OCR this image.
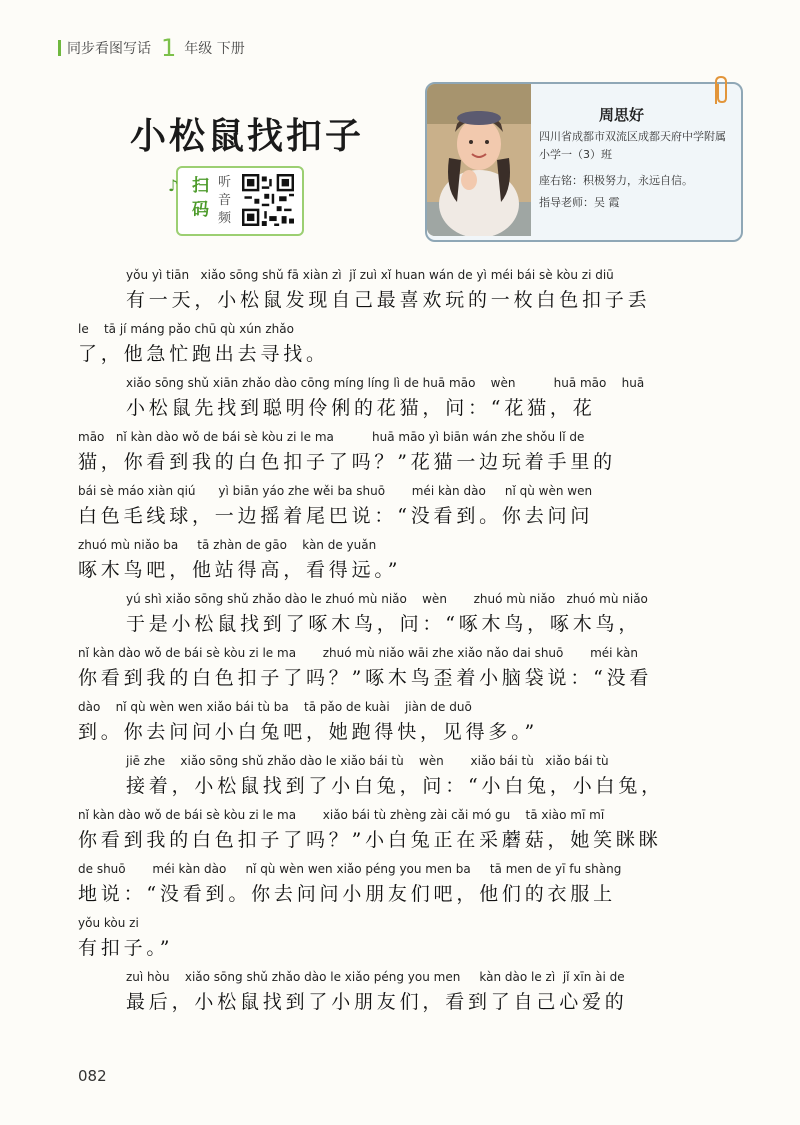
同步看图写话 1 年级 下册
小松鼠找扣子
♪ 扫码
听音频
周思好
四川省成都市双流区成都天府中学附属小学一（3）班
座右铭：积极努力，永远自信。
指导老师：吴 霞
yǒu yì tiān   xiǎo sōng shǔ fā xiàn zì  jǐ zuì xǐ huan wán de yì méi bái sè kòu zi diū
有一天，小松鼠发现自己最喜欢玩的一枚白色扣子丢
le    tā jí máng pǎo chū qù xún zhǎo
了，他急忙跑出去寻找。
xiǎo sōng shǔ xiān zhǎo dào cōng míng líng lì de huā māo    wèn          huā māo    huā
小松鼠先找到聪明伶俐的花猫，问：“花猫，花
māo   nǐ kàn dào wǒ de bái sè kòu zi le ma          huā māo yì biān wán zhe shǒu lǐ de
猫，你看到我的白色扣子了吗？”花猫一边玩着手里的
bái sè máo xiàn qiú      yì biān yáo zhe wěi ba shuō       méi kàn dào     nǐ qù wèn wen
白色毛线球，一边摇着尾巴说：“没看到。你去问问
zhuó mù niǎo ba     tā zhàn de gāo    kàn de yuǎn
啄木鸟吧，他站得高，看得远。”
yú shì xiǎo sōng shǔ zhǎo dào le zhuó mù niǎo    wèn       zhuó mù niǎo   zhuó mù niǎo
于是小松鼠找到了啄木鸟，问：“啄木鸟，啄木鸟，
nǐ kàn dào wǒ de bái sè kòu zi le ma       zhuó mù niǎo wāi zhe xiǎo nǎo dai shuō       méi kàn
你看到我的白色扣子了吗？”啄木鸟歪着小脑袋说：“没看
dào    nǐ qù wèn wen xiǎo bái tù ba    tā pǎo de kuài    jiàn de duō
到。你去问问小白兔吧，她跑得快，见得多。”
jiē zhe    xiǎo sōng shǔ zhǎo dào le xiǎo bái tù    wèn       xiǎo bái tù   xiǎo bái tù
接着，小松鼠找到了小白兔，问：“小白兔，小白兔，
nǐ kàn dào wǒ de bái sè kòu zi le ma       xiǎo bái tù zhèng zài cǎi mó gu    tā xiào mī mī
你看到我的白色扣子了吗？”小白兔正在采蘑菇，她笑眯眯
de shuō       méi kàn dào     nǐ qù wèn wen xiǎo péng you men ba     tā men de yī fu shàng
地说：“没看到。你去问问小朋友们吧，他们的衣服上
yǒu kòu zi
有扣子。”
zuì hòu    xiǎo sōng shǔ zhǎo dào le xiǎo péng you men     kàn dào le zì  jǐ xīn ài de
最后，小松鼠找到了小朋友们，看到了自己心爱的
082
